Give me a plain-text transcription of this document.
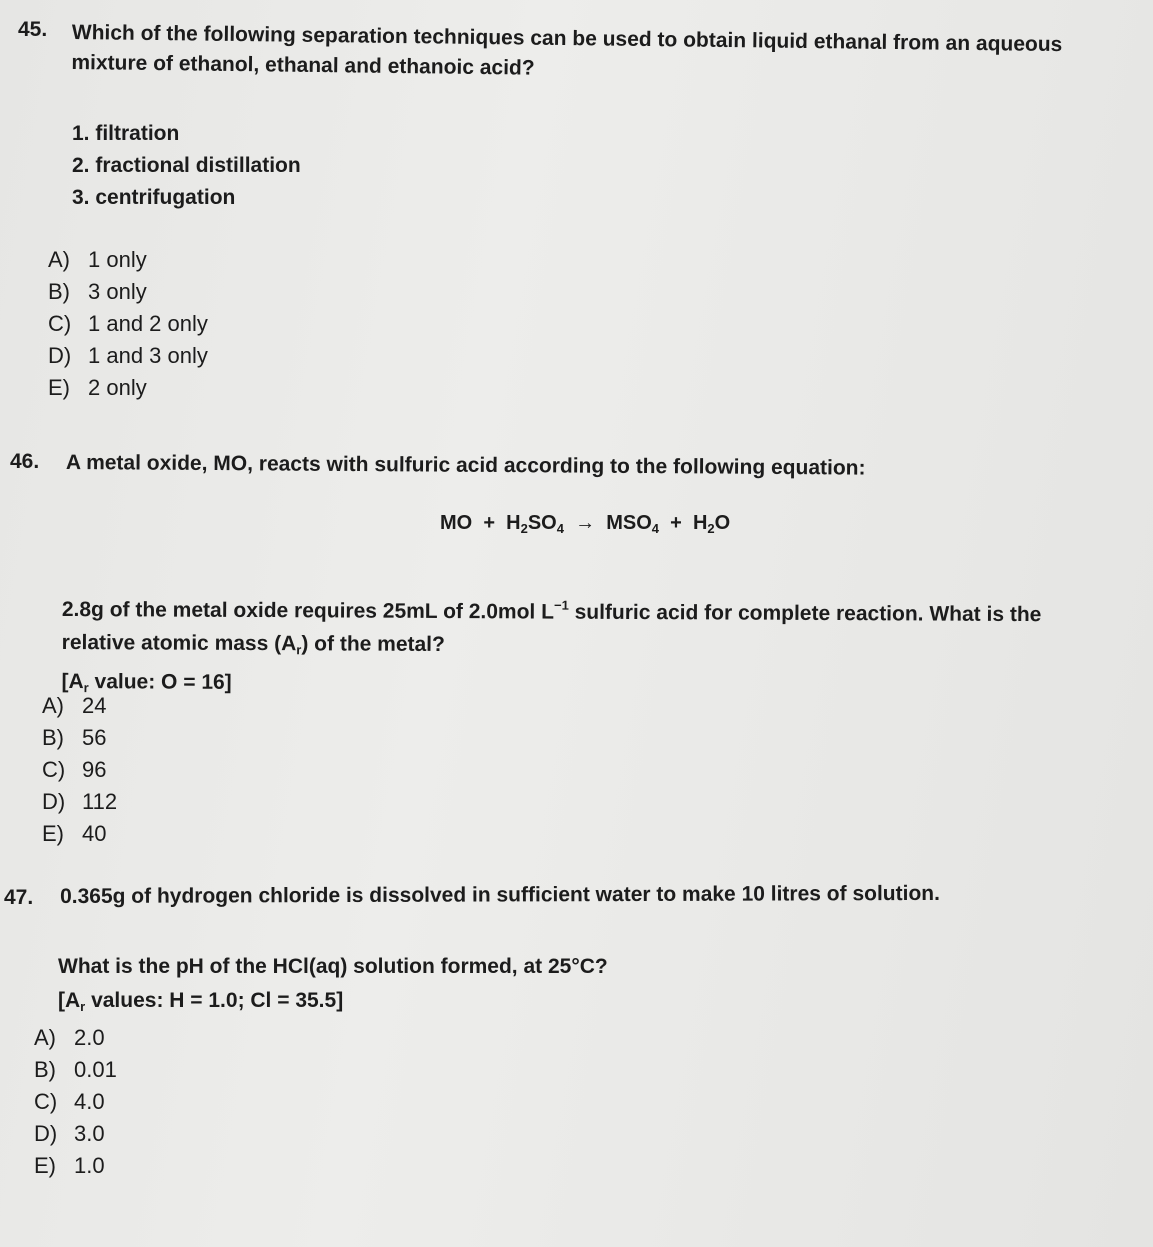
45. Which of the following separation techniques can be used to obtain liquid ethanal from an aqueous
mixture of ethanol, ethanal and ethanoic acid?
1. filtration
2. fractional distillation
3. centrifugation
A) 1 only
B) 3 only
C) 1 and 2 only
D) 1 and 3 only
E) 2 only
46. A metal oxide, MO, reacts with sulfuric acid according to the following equation:
MO + $H_2SO_4 \to MSO_4 + H_2O$
2.8g of the metal oxide requires 25mL of 2.0mol $L^{-1}$ sulfuric acid for complete reaction. What is the
relative atomic mass $(A_r)$ of the metal?
[$A_r$ value: O = 16]
A) 24
B) 56
C) 96
D) 112
E) 40
47. 0.365g of hydrogen chloride is dissolved in sufficient water to make 10 litres of solution.
What is the pH of the HCl(aq) solution formed, at 25°C?
[$A_r$ values: H = 1.0; Cl = 35.5]
A) 2.0
B) 0.01
C) 4.0
D) 3.0
E) 1.0
